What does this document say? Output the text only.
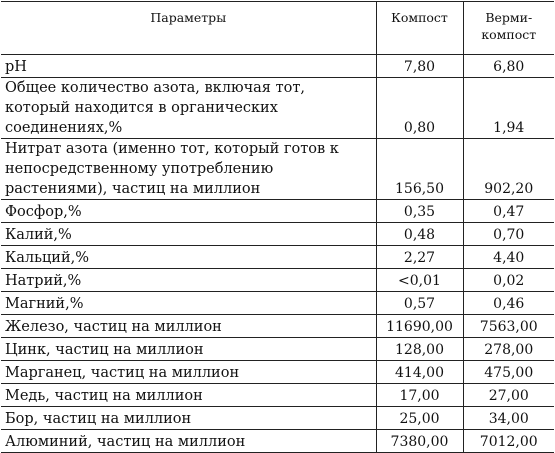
Параметры	Компост	Верми-
компост
pH	7,80	6,80
Общее количество азота, включая тот, который находится в органических соединениях,%	0,80	1,94
Нитрат азота (именно тот, который готов к непосредственному употреблению растениями), частиц на миллион	156,50	902,20
Фосфор,%	0,35	0,47
Калий,%	0,48	0,70
Кальций,%	2,27	4,40
Натрий,%	<0,01	0,02
Магний,%	0,57	0,46
Железо, частиц на миллион	11690,00	7563,00
Цинк, частиц на миллион	128,00	278,00
Марганец, частиц на миллион	414,00	475,00
Медь, частиц на миллион	17,00	27,00
Бор, частиц на миллион	25,00	34,00
Алюминий, частиц на миллион	7380,00	7012,00
